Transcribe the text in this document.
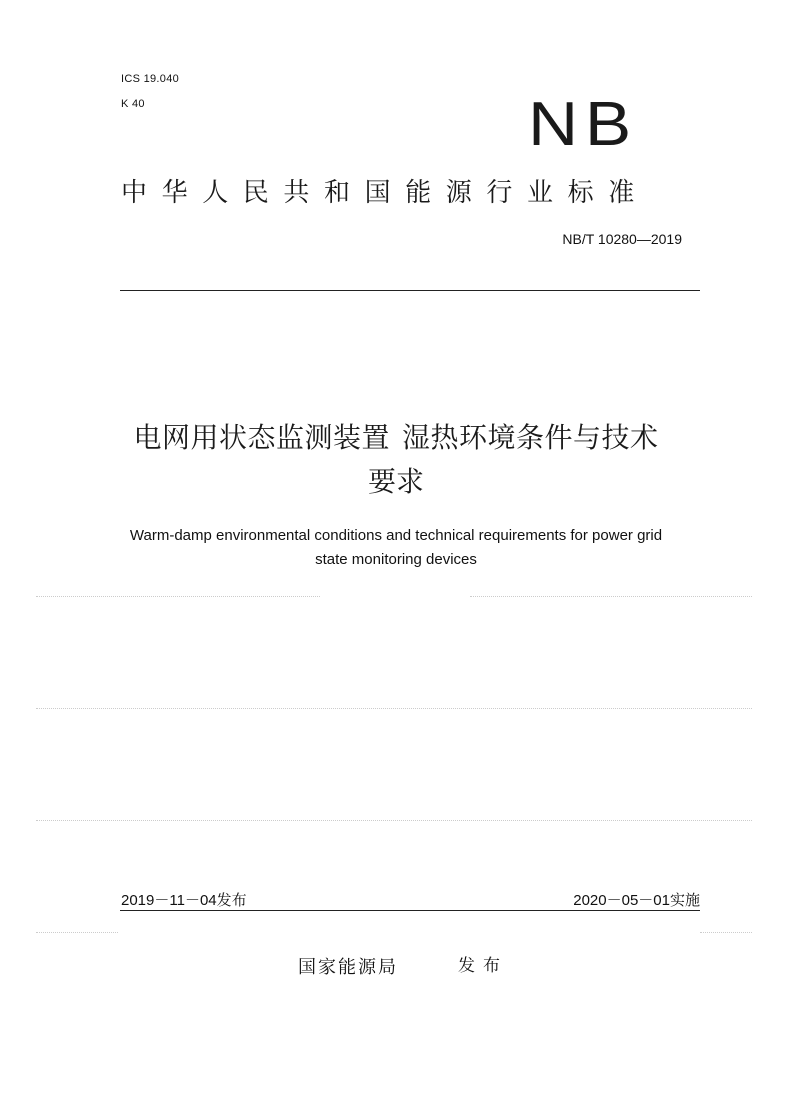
ICS 19.040
K 40	NB
中华人民共和国能源行业标准
NB/T 10280—2019
电网用状态监测装置 湿热环境条件与技术
要求
Warm-damp environmental conditions and technical requirements for power grid
state monitoring devices
2019－11－04发布	2020－05－01实施
国家能源局	发布
